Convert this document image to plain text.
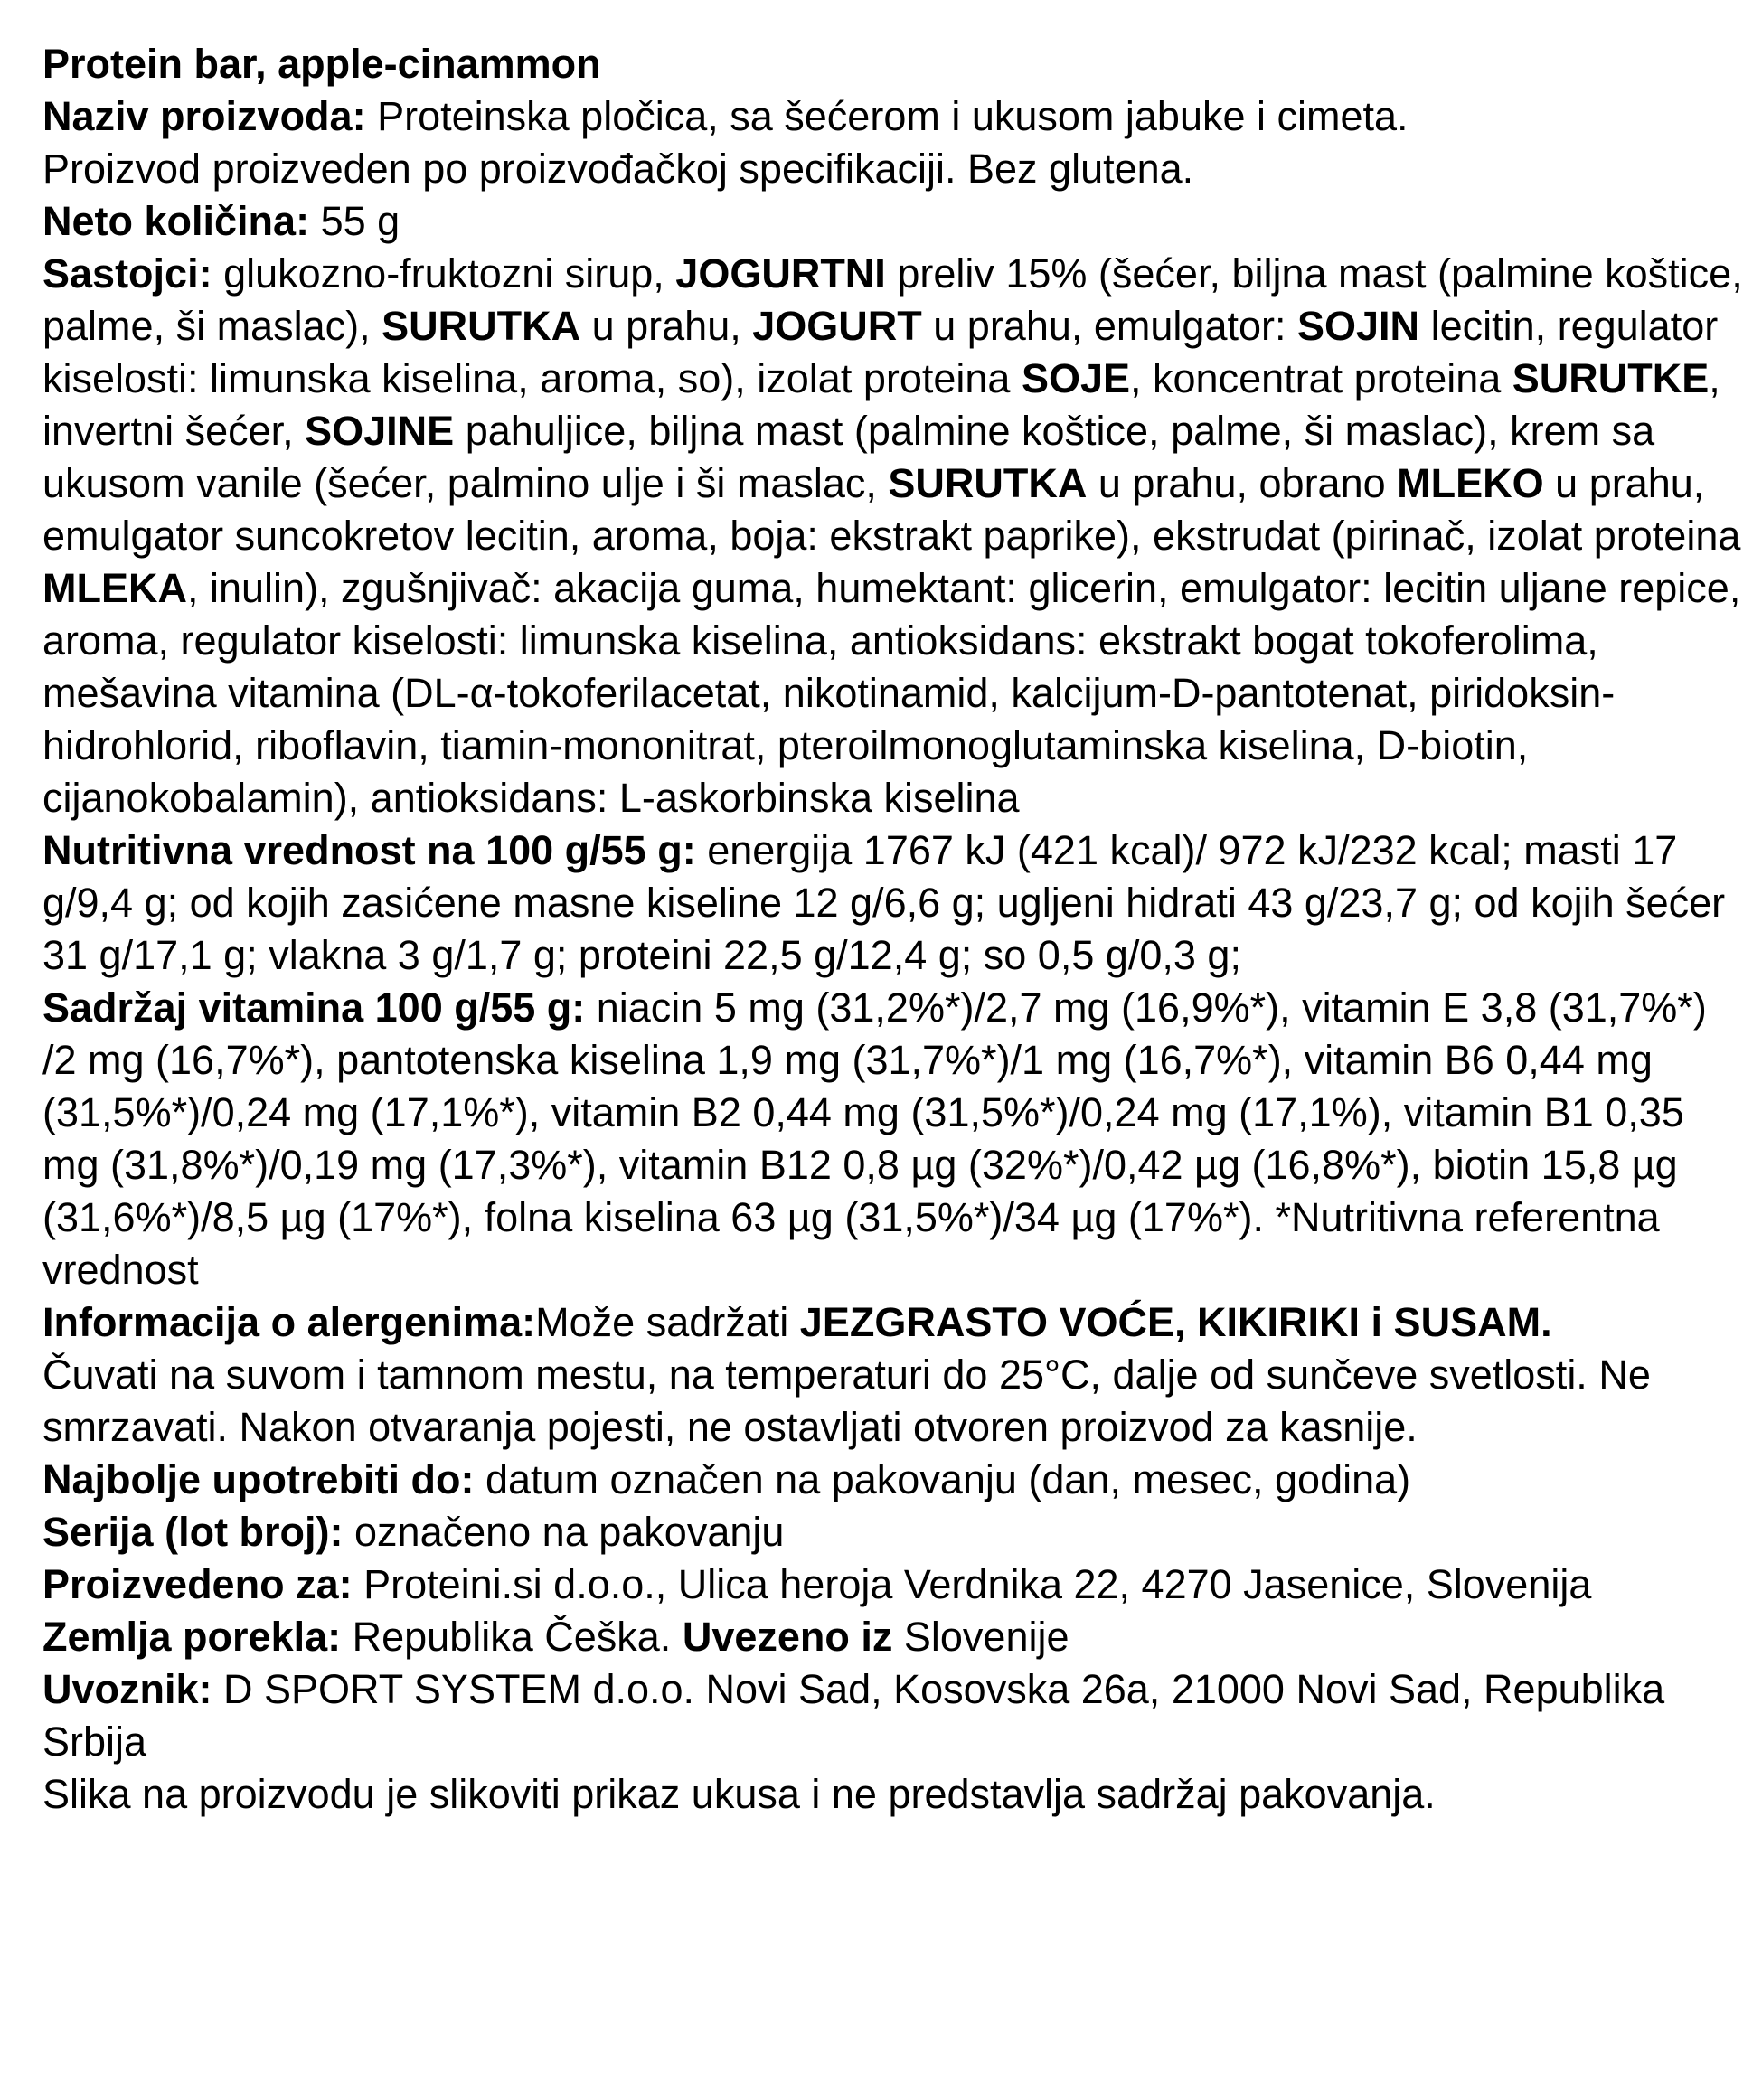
Protein bar, apple-cinammon

Naziv proizvoda: Proteinska pločica, sa šećerom i ukusom jabuke i cimeta.

Proizvod proizveden po proizvođačkoj specifikaciji. Bez glutena.

Neto količina: 55 g

Sastojci: glukozno-fruktozni sirup, JOGURTNI preliv 15% (šećer, biljna mast (palmine koštice, palme, ši maslac), SURUTKA u prahu, JOGURT u prahu, emulgator: SOJIN lecitin, regulator kiselosti: limunska kiselina, aroma, so), izolat proteina SOJE, koncentrat proteina SURUTKE, invertni šećer, SOJINE pahuljice, biljna mast (palmine koštice, palme, ši maslac), krem sa ukusom vanile (šećer, palmino ulje i ši maslac, SURUTKA u prahu, obrano MLEKO u prahu, emulgator suncokretov lecitin, aroma, boja: ekstrakt paprike), ekstrudat (pirinač, izolat proteina MLEKA, inulin), zgušnjivač: akacija guma, humektant: glicerin, emulgator: lecitin uljane repice, aroma, regulator kiselosti: limunska kiselina, antioksidans: ekstrakt bogat tokoferolima, mešavina vitamina (DL-α-tokoferilacetat, nikotinamid, kalcijum-D-pantotenat, piridoksin-hidrohlorid, riboflavin, tiamin-mononitrat, pteroilmonoglutaminska kiselina, D-biotin, cijanokobalamin), antioksidans: L-askorbinska kiselina

Nutritivna vrednost na 100 g/55 g: energija 1767 kJ (421 kcal)/ 972 kJ/232 kcal; masti 17 g/9,4 g; od kojih zasićene masne kiseline 12 g/6,6 g; ugljeni hidrati 43 g/23,7 g; od kojih šećer 31 g/17,1 g; vlakna 3 g/1,7 g; proteini 22,5 g/12,4 g; so 0,5 g/0,3 g;

Sadržaj vitamina 100 g/55 g: niacin 5 mg (31,2%*)/2,7 mg (16,9%*), vitamin E 3,8 (31,7%*) /2 mg (16,7%*), pantotenska kiselina 1,9 mg (31,7%*)/1 mg (16,7%*), vitamin B6 0,44 mg (31,5%*)/0,24 mg (17,1%*), vitamin B2 0,44 mg (31,5%*)/0,24 mg (17,1%), vitamin B1 0,35 mg (31,8%*)/0,19 mg (17,3%*), vitamin B12 0,8 µg (32%*)/0,42 µg (16,8%*), biotin 15,8 µg (31,6%*)/8,5 µg (17%*), folna kiselina 63 µg (31,5%*)/34 µg (17%*). *Nutritivna referentna vrednost

Informacija o alergenima:Može sadržati JEZGRASTO VOĆE, KIKIRIKI i SUSAM.

Čuvati na suvom i tamnom mestu, na temperaturi do 25°C, dalje od sunčeve svetlosti. Ne smrzavati. Nakon otvaranja pojesti, ne ostavljati otvoren proizvod za kasnije.

Najbolje upotrebiti do: datum označen na pakovanju (dan, mesec, godina)

Serija (lot broj): označeno na pakovanju

Proizvedeno za: Proteini.si d.o.o., Ulica heroja Verdnika 22, 4270 Jasenice, Slovenija

Zemlja porekla: Republika Češka. Uvezeno iz Slovenije

Uvoznik: D SPORT SYSTEM d.o.o. Novi Sad, Kosovska 26a, 21000 Novi Sad, Republika Srbija

Slika na proizvodu je slikoviti prikaz ukusa i ne predstavlja sadržaj pakovanja.
